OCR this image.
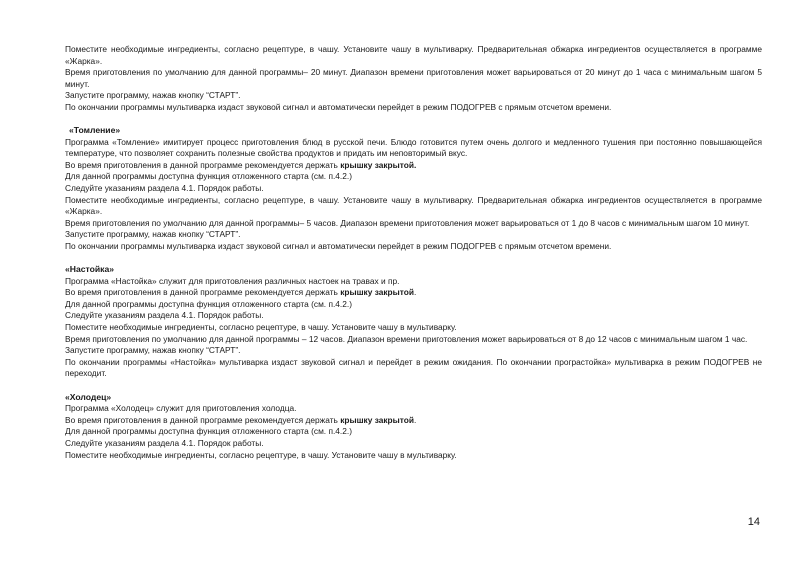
Поместите необходимые ингредиенты, согласно рецептуре, в чашу. Установите чашу в мультиварку. Предварительная обжарка ингредиентов осуществляется в программе «Жарка».

Время приготовления по умолчанию для данной программы– 20 минут. Диапазон времени приготовления может варьироваться от 20 минут до 1 часа с минимальным шагом 5 минут.

Запустите программу, нажав кнопку “СТАРТ”.

По окончании программы мультиварка издаст звуковой сигнал и автоматически перейдет в режим ПОДОГРЕВ с прямым отсчетом времени.

«Томление»

Программа «Томление» имитирует процесс приготовления блюд в русской печи. Блюдо готовится путем очень долгого и медленного тушения при постоянно повышающейся температуре, что позволяет сохранить полезные свойства продуктов и придать им неповторимый вкус.

Во время приготовления в данной программе рекомендуется держать крышку закрытой.

Для данной программы доступна функция отложенного старта (см. п.4.2.)

Следуйте указаниям раздела 4.1. Порядок работы.

Поместите необходимые ингредиенты, согласно рецептуре, в чашу. Установите чашу в мультиварку. Предварительная обжарка ингредиентов осуществляется в программе «Жарка».

Время приготовления по умолчанию для данной программы– 5 часов. Диапазон времени приготовления может варьироваться от 1 до 8 часов с минимальным шагом 10 минут.

Запустите программу, нажав кнопку “СТАРТ”.

По окончании программы мультиварка издаст звуковой сигнал и автоматически перейдет в режим ПОДОГРЕВ с прямым отсчетом времени.

«Настойка»

Программа «Настойка» служит для приготовления различных настоек на травах и пр.

Во время приготовления в данной программе рекомендуется держать крышку закрытой.

Для данной программы доступна функция отложенного старта (см. п.4.2.)

Следуйте указаниям раздела 4.1. Порядок работы.

Поместите необходимые ингредиенты, согласно рецептуре, в чашу. Установите чашу в мультиварку.

Время приготовления по умолчанию для данной программы – 12 часов. Диапазон времени приготовления может варьироваться от 8 до 12 часов с минимальным шагом 1 час.

Запустите программу, нажав кнопку “СТАРТ”.

По окончании программы «Настойка» мультиварка издаст звуковой сигнал и перейдет в режим ожидания. По окончании програстойка» мультиварка в режим ПОДОГРЕВ не переходит.

«Холодец»

Программа «Холодец» служит для приготовления холодца.

Во время приготовления в данной программе рекомендуется держать крышку закрытой.

Для данной программы доступна функция отложенного старта (см. п.4.2.)

Следуйте указаниям раздела 4.1. Порядок работы.

Поместите необходимые ингредиенты, согласно рецептуре, в чашу. Установите чашу в мультиварку.

14
